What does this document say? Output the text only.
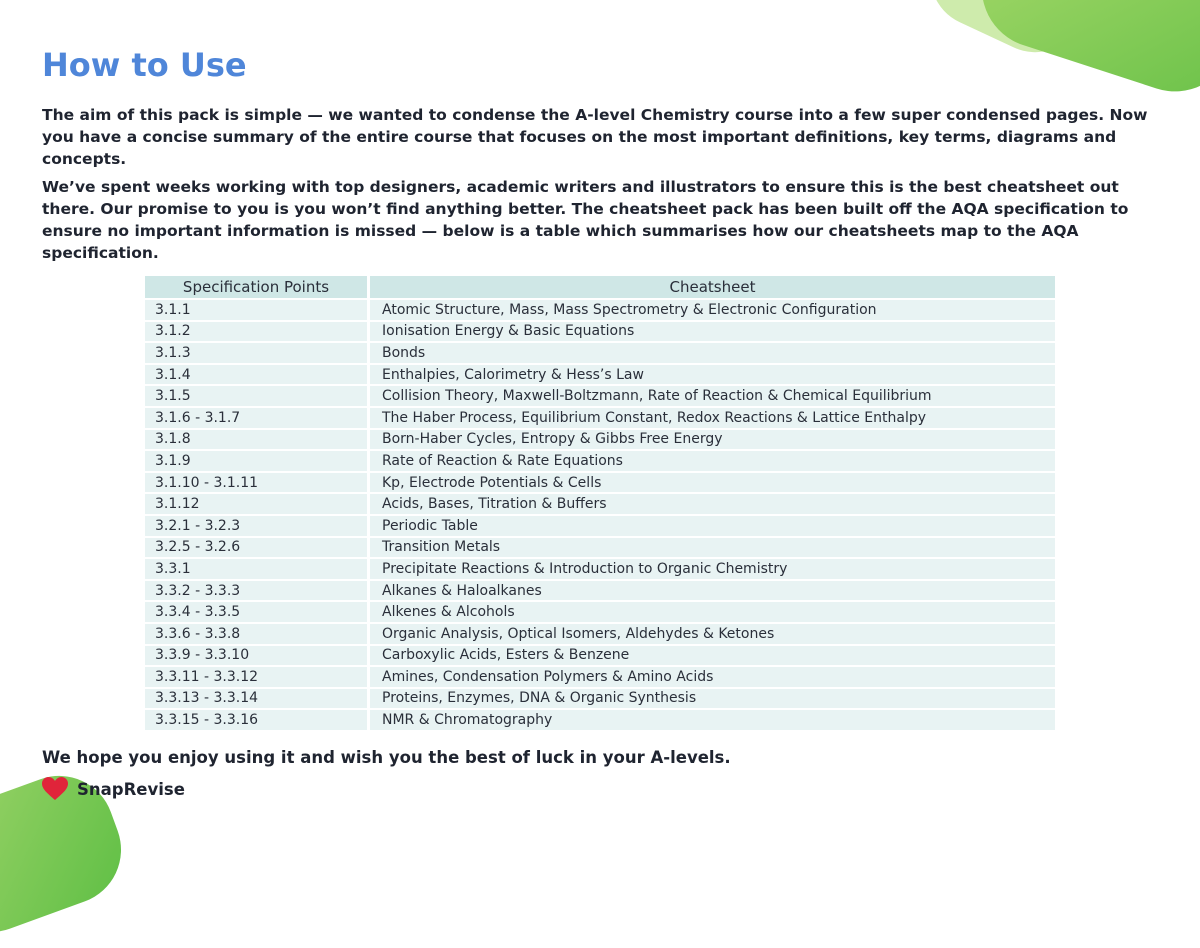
How to Use

The aim of this pack is simple — we wanted to condense the A-level Chemistry course into a few super condensed pages. Now you have a concise summary of the entire course that focuses on the most important definitions, key terms, diagrams and concepts.

We’ve spent weeks working with top designers, academic writers and illustrators to ensure this is the best cheatsheet out there. Our promise to you is you won’t find anything better. The cheatsheet pack has been built off the AQA specification to ensure no important information is missed — below is a table which summarises how our cheatsheets map to the AQA specification.

Specification Points	Cheatsheet
3.1.1	Atomic Structure, Mass, Mass Spectrometry & Electronic Configuration
3.1.2	Ionisation Energy & Basic Equations
3.1.3	Bonds
3.1.4	Enthalpies, Calorimetry & Hess’s Law
3.1.5	Collision Theory, Maxwell-Boltzmann, Rate of Reaction & Chemical Equilibrium
3.1.6 - 3.1.7	The Haber Process, Equilibrium Constant, Redox Reactions & Lattice Enthalpy
3.1.8	Born-Haber Cycles, Entropy & Gibbs Free Energy
3.1.9	Rate of Reaction & Rate Equations
3.1.10 - 3.1.11	Kp, Electrode Potentials & Cells
3.1.12	Acids, Bases, Titration & Buffers
3.2.1 - 3.2.3	Periodic Table
3.2.5 - 3.2.6	Transition Metals
3.3.1	Precipitate Reactions & Introduction to Organic Chemistry
3.3.2 - 3.3.3	Alkanes & Haloalkanes
3.3.4 - 3.3.5	Alkenes & Alcohols
3.3.6 - 3.3.8	Organic Analysis, Optical Isomers, Aldehydes & Ketones
3.3.9 - 3.3.10	Carboxylic Acids, Esters & Benzene
3.3.11 - 3.3.12	Amines, Condensation Polymers & Amino Acids
3.3.13 - 3.3.14	Proteins, Enzymes, DNA & Organic Synthesis
3.3.15 - 3.3.16	NMR & Chromatography

We hope you enjoy using it and wish you the best of luck in your A-levels.

SnapRevise
